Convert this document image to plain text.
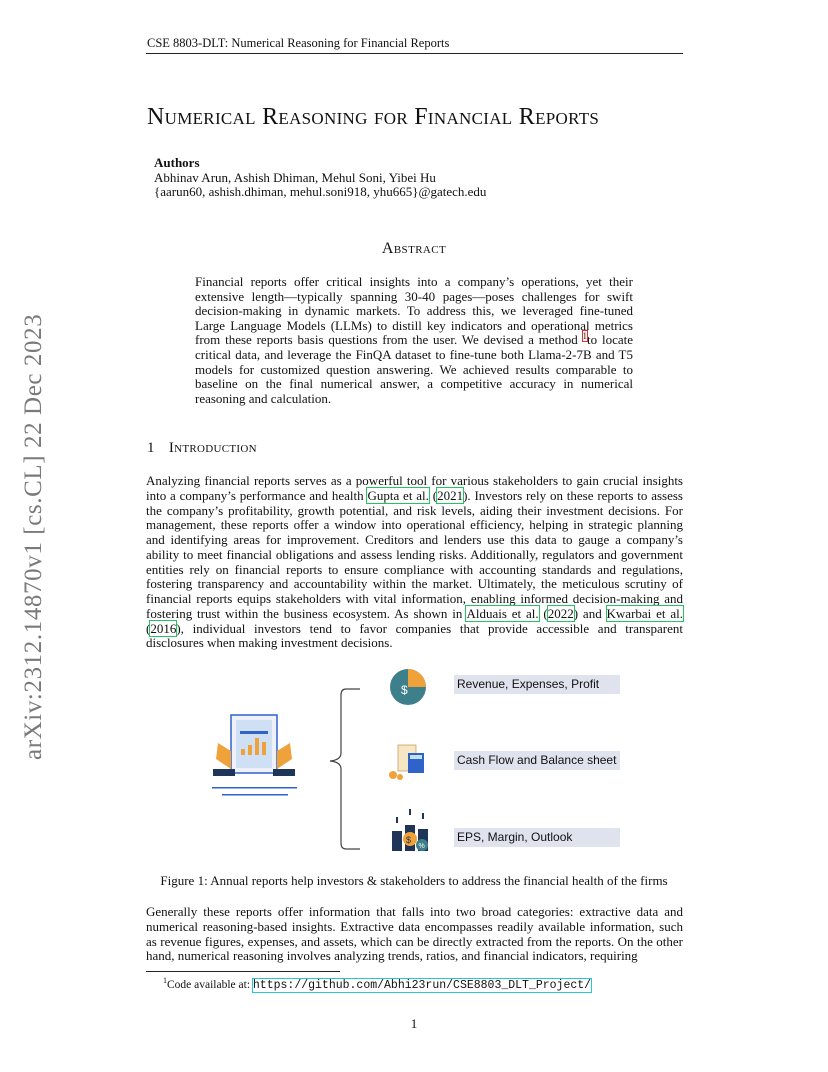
CSE 8803-DLT: Numerical Reasoning for Financial Reports
arXiv:2312.14870v1 [cs.CL] 22 Dec 2023
Numerical Reasoning for Financial Reports
Authors
Abhinav Arun, Ashish Dhiman, Mehul Soni, Yibei Hu
{aarun60, ashish.dhiman, mehul.soni918, yhu665}@gatech.edu
Abstract
Financial reports offer critical insights into a company’s operations, yet their extensive length—typically spanning 30-40 pages—poses challenges for swift decision-making in dynamic markets. To address this, we leveraged fine-tuned Large Language Models (LLMs) to distill key indicators and operational metrics from these reports basis questions from the user. We devised a method $^1$to locate critical data, and leverage the FinQA dataset to fine-tune both Llama-2-7B and T5 models for customized question answering. We achieved results comparable to baseline on the final numerical answer, a competitive accuracy in numerical reasoning and calculation.
1 Introduction
Analyzing financial reports serves as a powerful tool for various stakeholders to gain crucial insights into a company’s performance and health Gupta et al. (2021). Investors rely on these reports to assess the company’s profitability, growth potential, and risk levels, aiding their investment decisions. For management, these reports offer a window into operational efficiency, helping in strategic planning and identifying areas for improvement. Creditors and lenders use this data to gauge a company’s ability to meet financial obligations and assess lending risks. Additionally, regulators and government entities rely on financial reports to ensure compliance with accounting standards and regulations, fostering transparency and accountability within the market. Ultimately, the meticulous scrutiny of financial reports equips stakeholders with vital information, enabling informed decision-making and fostering trust within the business ecosystem. As shown in Alduais et al. (2022) and Kwarbai et al. (2016), individual investors tend to favor companies that provide accessible and transparent disclosures when making investment decisions.
$
$
%
Revenue, Expenses, Profit
Cash Flow and Balance sheet
EPS, Margin, Outlook
Figure 1: Annual reports help investors & stakeholders to address the financial health of the firms
Generally these reports offer information that falls into two broad categories: extractive data and numerical reasoning-based insights. Extractive data encompasses readily available information, such as revenue figures, expenses, and assets, which can be directly extracted from the reports. On the other hand, numerical reasoning involves analyzing trends, ratios, and financial indicators, requiring
$^1$Code available at: https://github.com/Abhi23run/CSE8803_DLT_Project/
1
